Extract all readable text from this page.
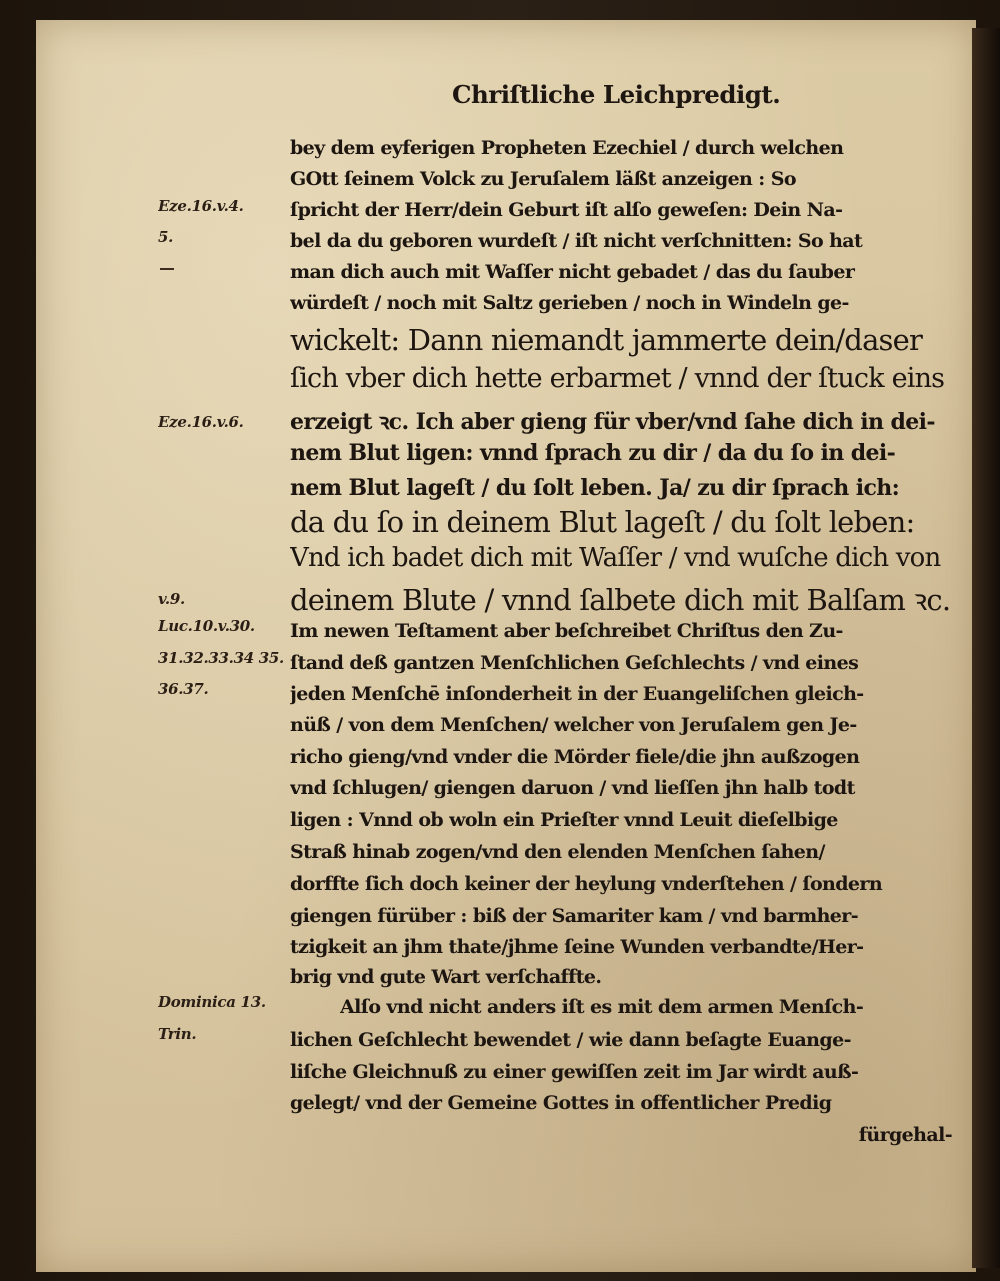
Chriſtliche Leichpredigt.
Eze.16.v.4.
5.
Eze.16.v.6.
v.9.
Luc.10.v.30.
31.32.33.34 35.
36.37.
Dominica 13.
Trin.
bey dem eyferigen Propheten Ezechiel / durch welchen
GOtt ſeinem Volck zu Jeruſalem läßt anzeigen : So
ſpricht der Herr/dein Geburt iſt alſo geweſen: Dein Na-
bel da du geboren wurdeſt / iſt nicht verſchnitten: So hat
man dich auch mit Waſſer nicht gebadet / das du ſauber
würdeſt / noch mit Saltz gerieben / noch in Windeln ge-
wickelt: Dann niemandt jammerte dein/daser
ſich vber dich hette erbarmet / vnnd der ſtuck eins
erzeigt ꝛc. Ich aber gieng für vber/vnd ſahe dich in dei-
nem Blut ligen: vnnd ſprach zu dir / da du ſo in dei-
nem Blut lageſt / du ſolt leben. Ja/ zu dir ſprach ich:
da du ſo in deinem Blut lageſt / du ſolt leben:
Vnd ich badet dich mit Waſſer / vnd wuſche dich von
deinem Blute / vnnd ſalbete dich mit Balſam ꝛc.
Im newen Teſtament aber beſchreibet Chriſtus den Zu-
ſtand deß gantzen Menſchlichen Geſchlechts / vnd eines
jeden Menſchē inſonderheit in der Euangeliſchen gleich-
nüß / von dem Menſchen/ welcher von Jeruſalem gen Je-
richo gieng/vnd vnder die Mörder fiele/die jhn außzogen
vnd ſchlugen/ giengen daruon / vnd lieſſen jhn halb todt
ligen : Vnnd ob woln ein Prieſter vnnd Leuit dieſelbige
Straß hinab zogen/vnd den elenden Menſchen ſahen/
dorffte ſich doch keiner der heylung vnderſtehen / ſondern
giengen fürüber : biß der Samariter kam / vnd barmher-
tzigkeit an jhm thate/jhme ſeine Wunden verbandte/Her-
brig vnd gute Wart verſchaffte.
Alſo vnd nicht anders iſt es mit dem armen Menſch-
lichen Geſchlecht bewendet / wie dann beſagte Euange-
liſche Gleichnuß zu einer gewiſſen zeit im Jar wirdt auß-
gelegt/ vnd der Gemeine Gottes in offentlicher Predig
fürgehal-
